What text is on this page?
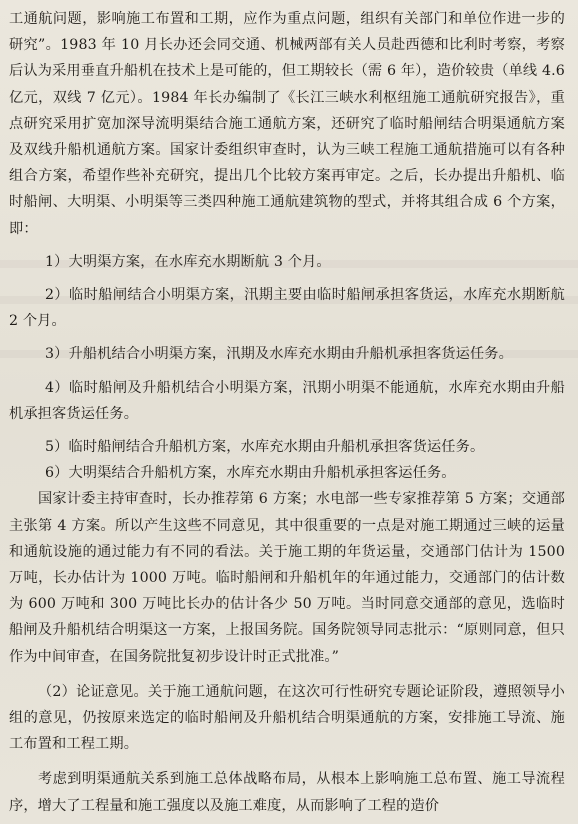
工通航问题，影响施工布置和工期，应作为重点问题，组织有关部门和单位作进一步的研究”。1983 年 10 月长办还会同交通、机械两部有关人员赴西德和比利时考察，考察后认为采用垂直升船机在技术上是可能的，但工期较长（需 6 年），造价较贵（单线 4.6 亿元，双线 7 亿元）。1984 年长办编制了《长江三峡水利枢纽施工通航研究报告》，重点研究采用扩宽加深导流明渠结合施工通航方案，还研究了临时船闸结合明渠通航方案及双线升船机通航方案。国家计委组织审查时，认为三峡工程施工通航措施可以有各种组合方案，希望作些补充研究，提出几个比较方案再审定。之后，长办提出升船机、临时船闸、大明渠、小明渠等三类四种施工通航建筑物的型式，并将其组合成 6 个方案，即：

1）大明渠方案，在水库充水期断航 3 个月。

2）临时船闸结合小明渠方案，汛期主要由临时船闸承担客货运，水库充水期断航 2 个月。

3）升船机结合小明渠方案，汛期及水库充水期由升船机承担客货运任务。

4）临时船闸及升船机结合小明渠方案，汛期小明渠不能通航，水库充水期由升船机承担客货运任务。

5）临时船闸结合升船机方案，水库充水期由升船机承担客货运任务。

6）大明渠结合升船机方案，水库充水期由升船机承担客运任务。

国家计委主持审查时，长办推荐第 6 方案；水电部一些专家推荐第 5 方案；交通部主张第 4 方案。所以产生这些不同意见，其中很重要的一点是对施工期通过三峡的运量和通航设施的通过能力有不同的看法。关于施工期的年货运量，交通部门估计为 1500 万吨，长办估计为 1000 万吨。临时船闸和升船机年的年通过能力，交通部门的估计数为 600 万吨和 300 万吨比长办的估计各少 50 万吨。当时同意交通部的意见，选临时船闸及升船机结合明渠这一方案，上报国务院。国务院领导同志批示：“原则同意，但只作为中间审查，在国务院批复初步设计时正式批准。”

（2）论证意见。关于施工通航问题，在这次可行性研究专题论证阶段，遵照领导小组的意见，仍按原来选定的临时船闸及升船机结合明渠通航的方案，安排施工导流、施工布置和工程工期。

考虑到明渠通航关系到施工总体战略布局，从根本上影响施工总布置、施工导流程序，增大了工程量和施工强度以及施工难度，从而影响了工程的造价
